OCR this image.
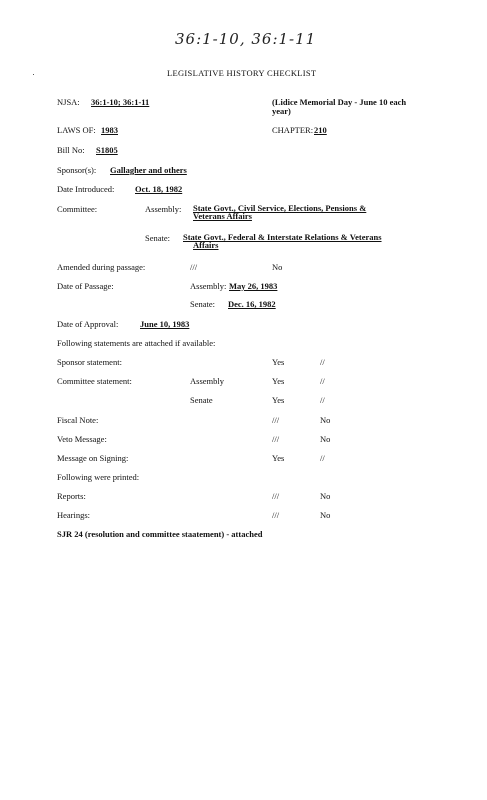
36:1-10, 36:1-11
LEGISLATIVE HISTORY CHECKLIST
NJSA: 36:1-10; 36:1-11	(Lidice Memorial Day - June 10 each
year)
LAWS OF: 1983	CHAPTER: 210
Bill No: S1805
Sponsor(s): Gallagher and others
Date Introduced: Oct. 18, 1982
Committee:	Assembly: State Govt., Civil Service, Elections, Pensions &
Veterans Affairs
Senate: State Govt., Federal & Interstate Relations & Veterans
Affairs
Amended during passage:	///	No
Date of Passage:	Assembly: May 26, 1983
Senate: Dec. 16, 1982
Date of Approval:	June 10, 1983
Following statements are attached if available:
Sponsor statement:	Yes	//
Committee statement:	Assembly	Yes	//
Senate	Yes	//
Fiscal Note:	///	No
Veto Message:	///	No
Message on Signing:	Yes	//
Following were printed:
Reports:	///	No
Hearings:	///	No
SJR 24 (resolution and committee staatement) - attached
